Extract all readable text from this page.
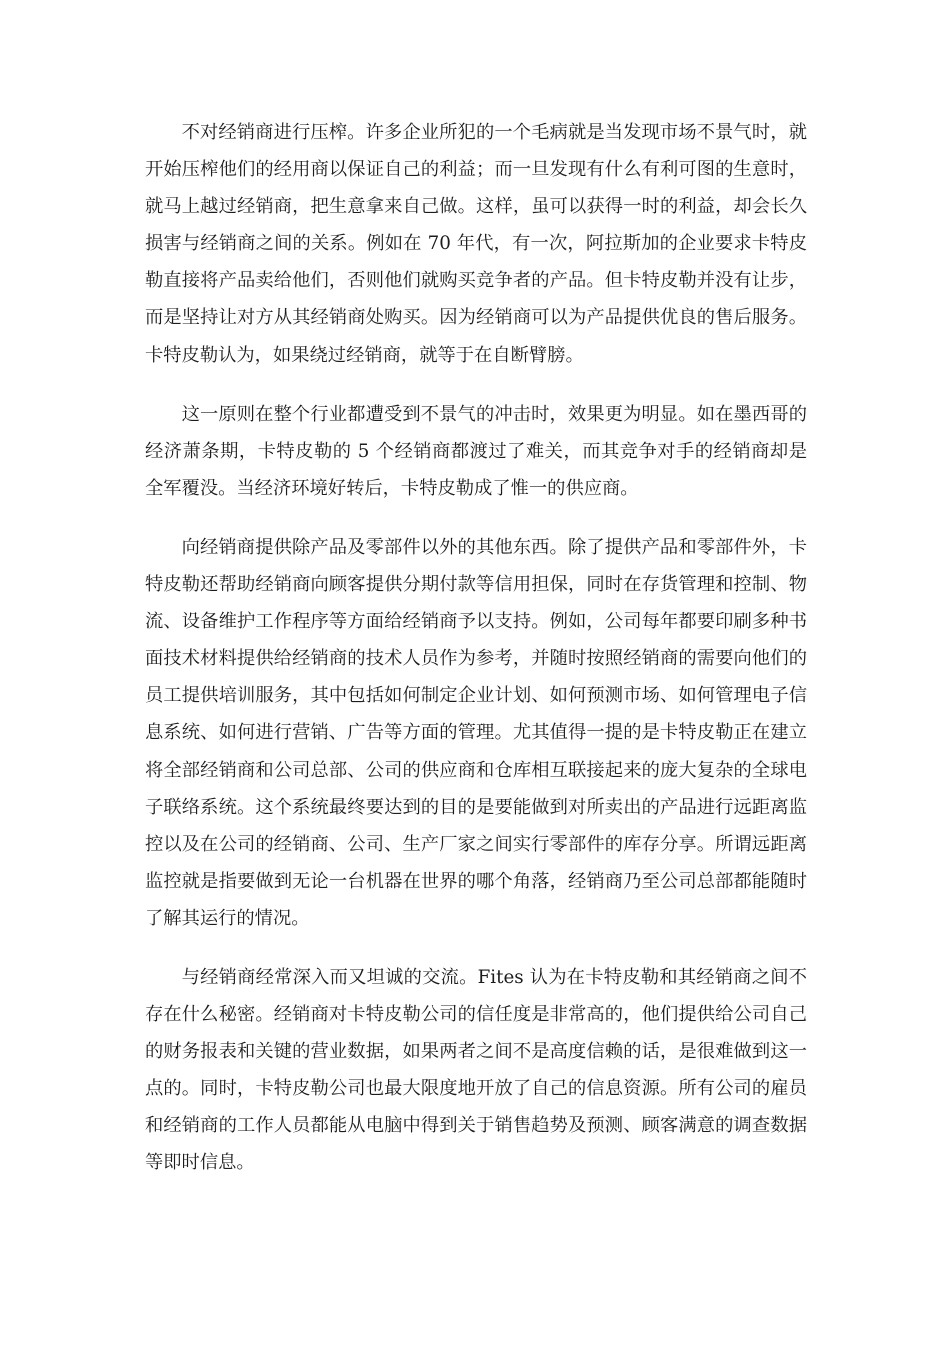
不对经销商进行压榨。许多企业所犯的一个毛病就是当发现市场不景气时，就开始压榨他们的经用商以保证自己的利益；而一旦发现有什么有利可图的生意时，就马上越过经销商，把生意拿来自己做。这样，虽可以获得一时的利益，却会长久损害与经销商之间的关系。例如在 70 年代，有一次，阿拉斯加的企业要求卡特皮勒直接将产品卖给他们，否则他们就购买竞争者的产品。但卡特皮勒并没有让步，而是坚持让对方从其经销商处购买。因为经销商可以为产品提供优良的售后服务。卡特皮勒认为，如果绕过经销商，就等于在自断臂膀。

这一原则在整个行业都遭受到不景气的冲击时，效果更为明显。如在墨西哥的经济萧条期，卡特皮勒的 5 个经销商都渡过了难关，而其竞争对手的经销商却是全军覆没。当经济环境好转后，卡特皮勒成了惟一的供应商。

向经销商提供除产品及零部件以外的其他东西。除了提供产品和零部件外，卡特皮勒还帮助经销商向顾客提供分期付款等信用担保，同时在存货管理和控制、物流、设备维护工作程序等方面给经销商予以支持。例如，公司每年都要印刷多种书面技术材料提供给经销商的技术人员作为参考，并随时按照经销商的需要向他们的员工提供培训服务，其中包括如何制定企业计划、如何预测市场、如何管理电子信息系统、如何进行营销、广告等方面的管理。尤其值得一提的是卡特皮勒正在建立将全部经销商和公司总部、公司的供应商和仓库相互联接起来的庞大复杂的全球电子联络系统。这个系统最终要达到的目的是要能做到对所卖出的产品进行远距离监控以及在公司的经销商、公司、生产厂家之间实行零部件的库存分享。所谓远距离监控就是指要做到无论一台机器在世界的哪个角落，经销商乃至公司总部都能随时了解其运行的情况。

与经销商经常深入而又坦诚的交流。Fites 认为在卡特皮勒和其经销商之间不存在什么秘密。经销商对卡特皮勒公司的信任度是非常高的，他们提供给公司自己的财务报表和关键的营业数据，如果两者之间不是高度信赖的话，是很难做到这一点的。同时，卡特皮勒公司也最大限度地开放了自己的信息资源。所有公司的雇员和经销商的工作人员都能从电脑中得到关于销售趋势及预测、顾客满意的调查数据等即时信息。
